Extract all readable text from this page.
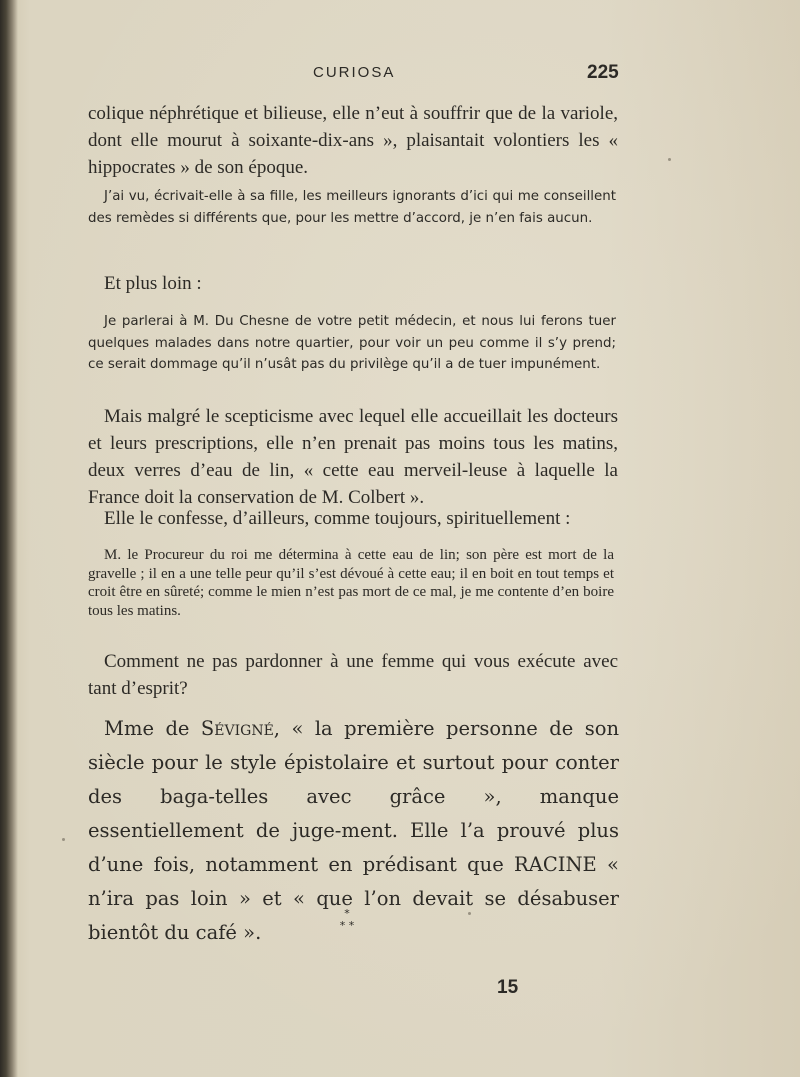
CURIOSA	225

colique néphrétique et bilieuse, elle n’eut à souffrir que de la variole, dont elle mourut à soixante-dix-ans », plaisantait volontiers les « hippocrates » de son époque.

J’ai vu, écrivait-elle à sa fille, les meilleurs ignorants d’ici qui me conseillent des remèdes si différents que, pour les mettre d’accord, je n’en fais aucun.

Et plus loin :

Je parlerai à M. Du Chesne de votre petit médecin, et nous lui ferons tuer quelques malades dans notre quartier, pour voir un peu comme il s’y prend; ce serait dommage qu’il n’usât pas du privilège qu’il a de tuer impunément.

Mais malgré le scepticisme avec lequel elle accueillait les docteurs et leurs prescriptions, elle n’en prenait pas moins tous les matins, deux verres d’eau de lin, « cette eau merveil-leuse à laquelle la France doit la conservation de M. Colbert ».

Elle le confesse, d’ailleurs, comme toujours, spirituellement :

M. le Procureur du roi me détermina à cette eau de lin; son père est mort de la gravelle ; il en a une telle peur qu’il s’est dévoué à cette eau; il en boit en tout temps et croit être en sûreté; comme le mien n’est pas mort de ce mal, je me contente d’en boire tous les matins.

Comment ne pas pardonner à une femme qui vous exécute avec tant d’esprit?

Mme de Sévigné, « la première personne de son siècle pour le style épistolaire et surtout pour conter des baga-telles avec grâce », manque essentiellement de juge-ment. Elle l’a prouvé plus d’une fois, notamment en prédisant que RACINE « n’ira pas loin » et « que l’on devait se désabuser bientôt du café ».

*
* *
15
